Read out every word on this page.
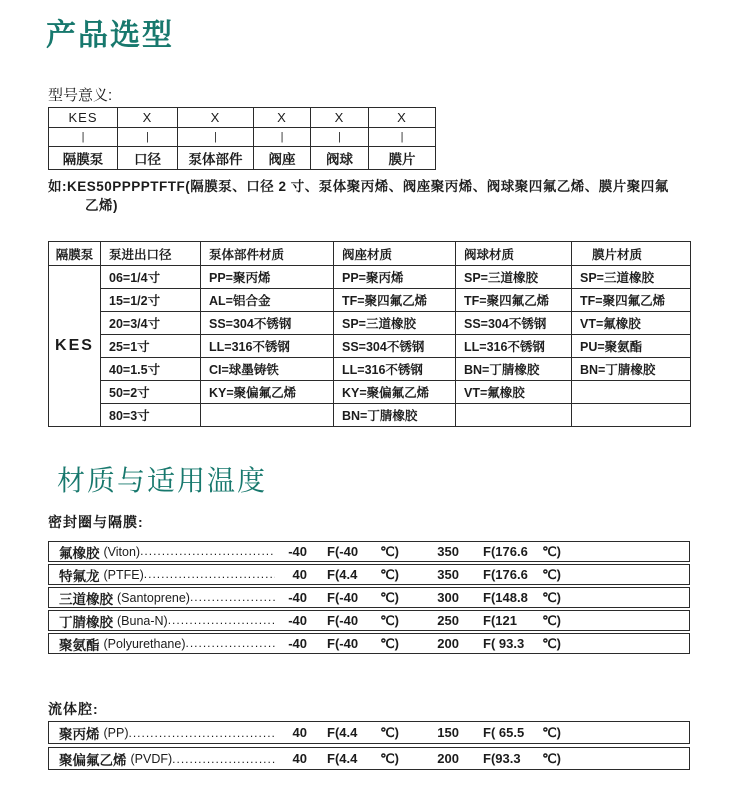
产品选型
型号意义:
KES	X	X	X	X	X
|	|	|	|	|	|
隔膜泵	口径	泵体部件	阀座	阀球	膜片
如:KES50PPPPTFTF(隔膜泵、口径 2 寸、泵体聚丙烯、阀座聚丙烯、阀球聚四氟乙烯、膜片聚四氟乙烯)
隔膜泵	泵进出口径	泵体部件材质	阀座材质	阀球材质	膜片材质
KES	06=1/4寸	PP=聚丙烯	PP=聚丙烯	SP=三道橡胶	SP=三道橡胶
	15=1/2寸	AL=铝合金	TF=聚四氟乙烯	TF=聚四氟乙烯	TF=聚四氟乙烯
	20=3/4寸	SS=304不锈钢	SP=三道橡胶	SS=304不锈钢	VT=氟橡胶
	25=1寸	LL=316不锈钢	SS=304不锈钢	LL=316不锈钢	PU=聚氨酯
	40=1.5寸	CI=球墨铸铁	LL=316不锈钢	BN=丁腈橡胶	BN=丁腈橡胶
	50=2寸	KY=聚偏氟乙烯	KY=聚偏氟乙烯	VT=氟橡胶	
	80=3寸		BN=丁腈橡胶		
材质与适用温度
密封圈与隔膜:
氟橡胶 (Viton) .....	-40 F(-40 ℃)	350 F(176.6 ℃)
特氟龙 (PTFE) .....	40 F(4.4 ℃)	350 F(176.6 ℃)
三道橡胶 (Santoprene) .....	-40 F(-40 ℃)	300 F(148.8 ℃)
丁腈橡胶 (Buna-N) .....	-40 F(-40 ℃)	250 F(121 ℃)
聚氨酯 (Polyurethane) .....	-40 F(-40 ℃)	200 F( 93.3 ℃)
流体腔:
聚丙烯 (PP) .....	40 F(4.4 ℃)	150 F( 65.5 ℃)
聚偏氟乙烯 (PVDF) .....	40 F(4.4 ℃)	200 F(93.3 ℃)
